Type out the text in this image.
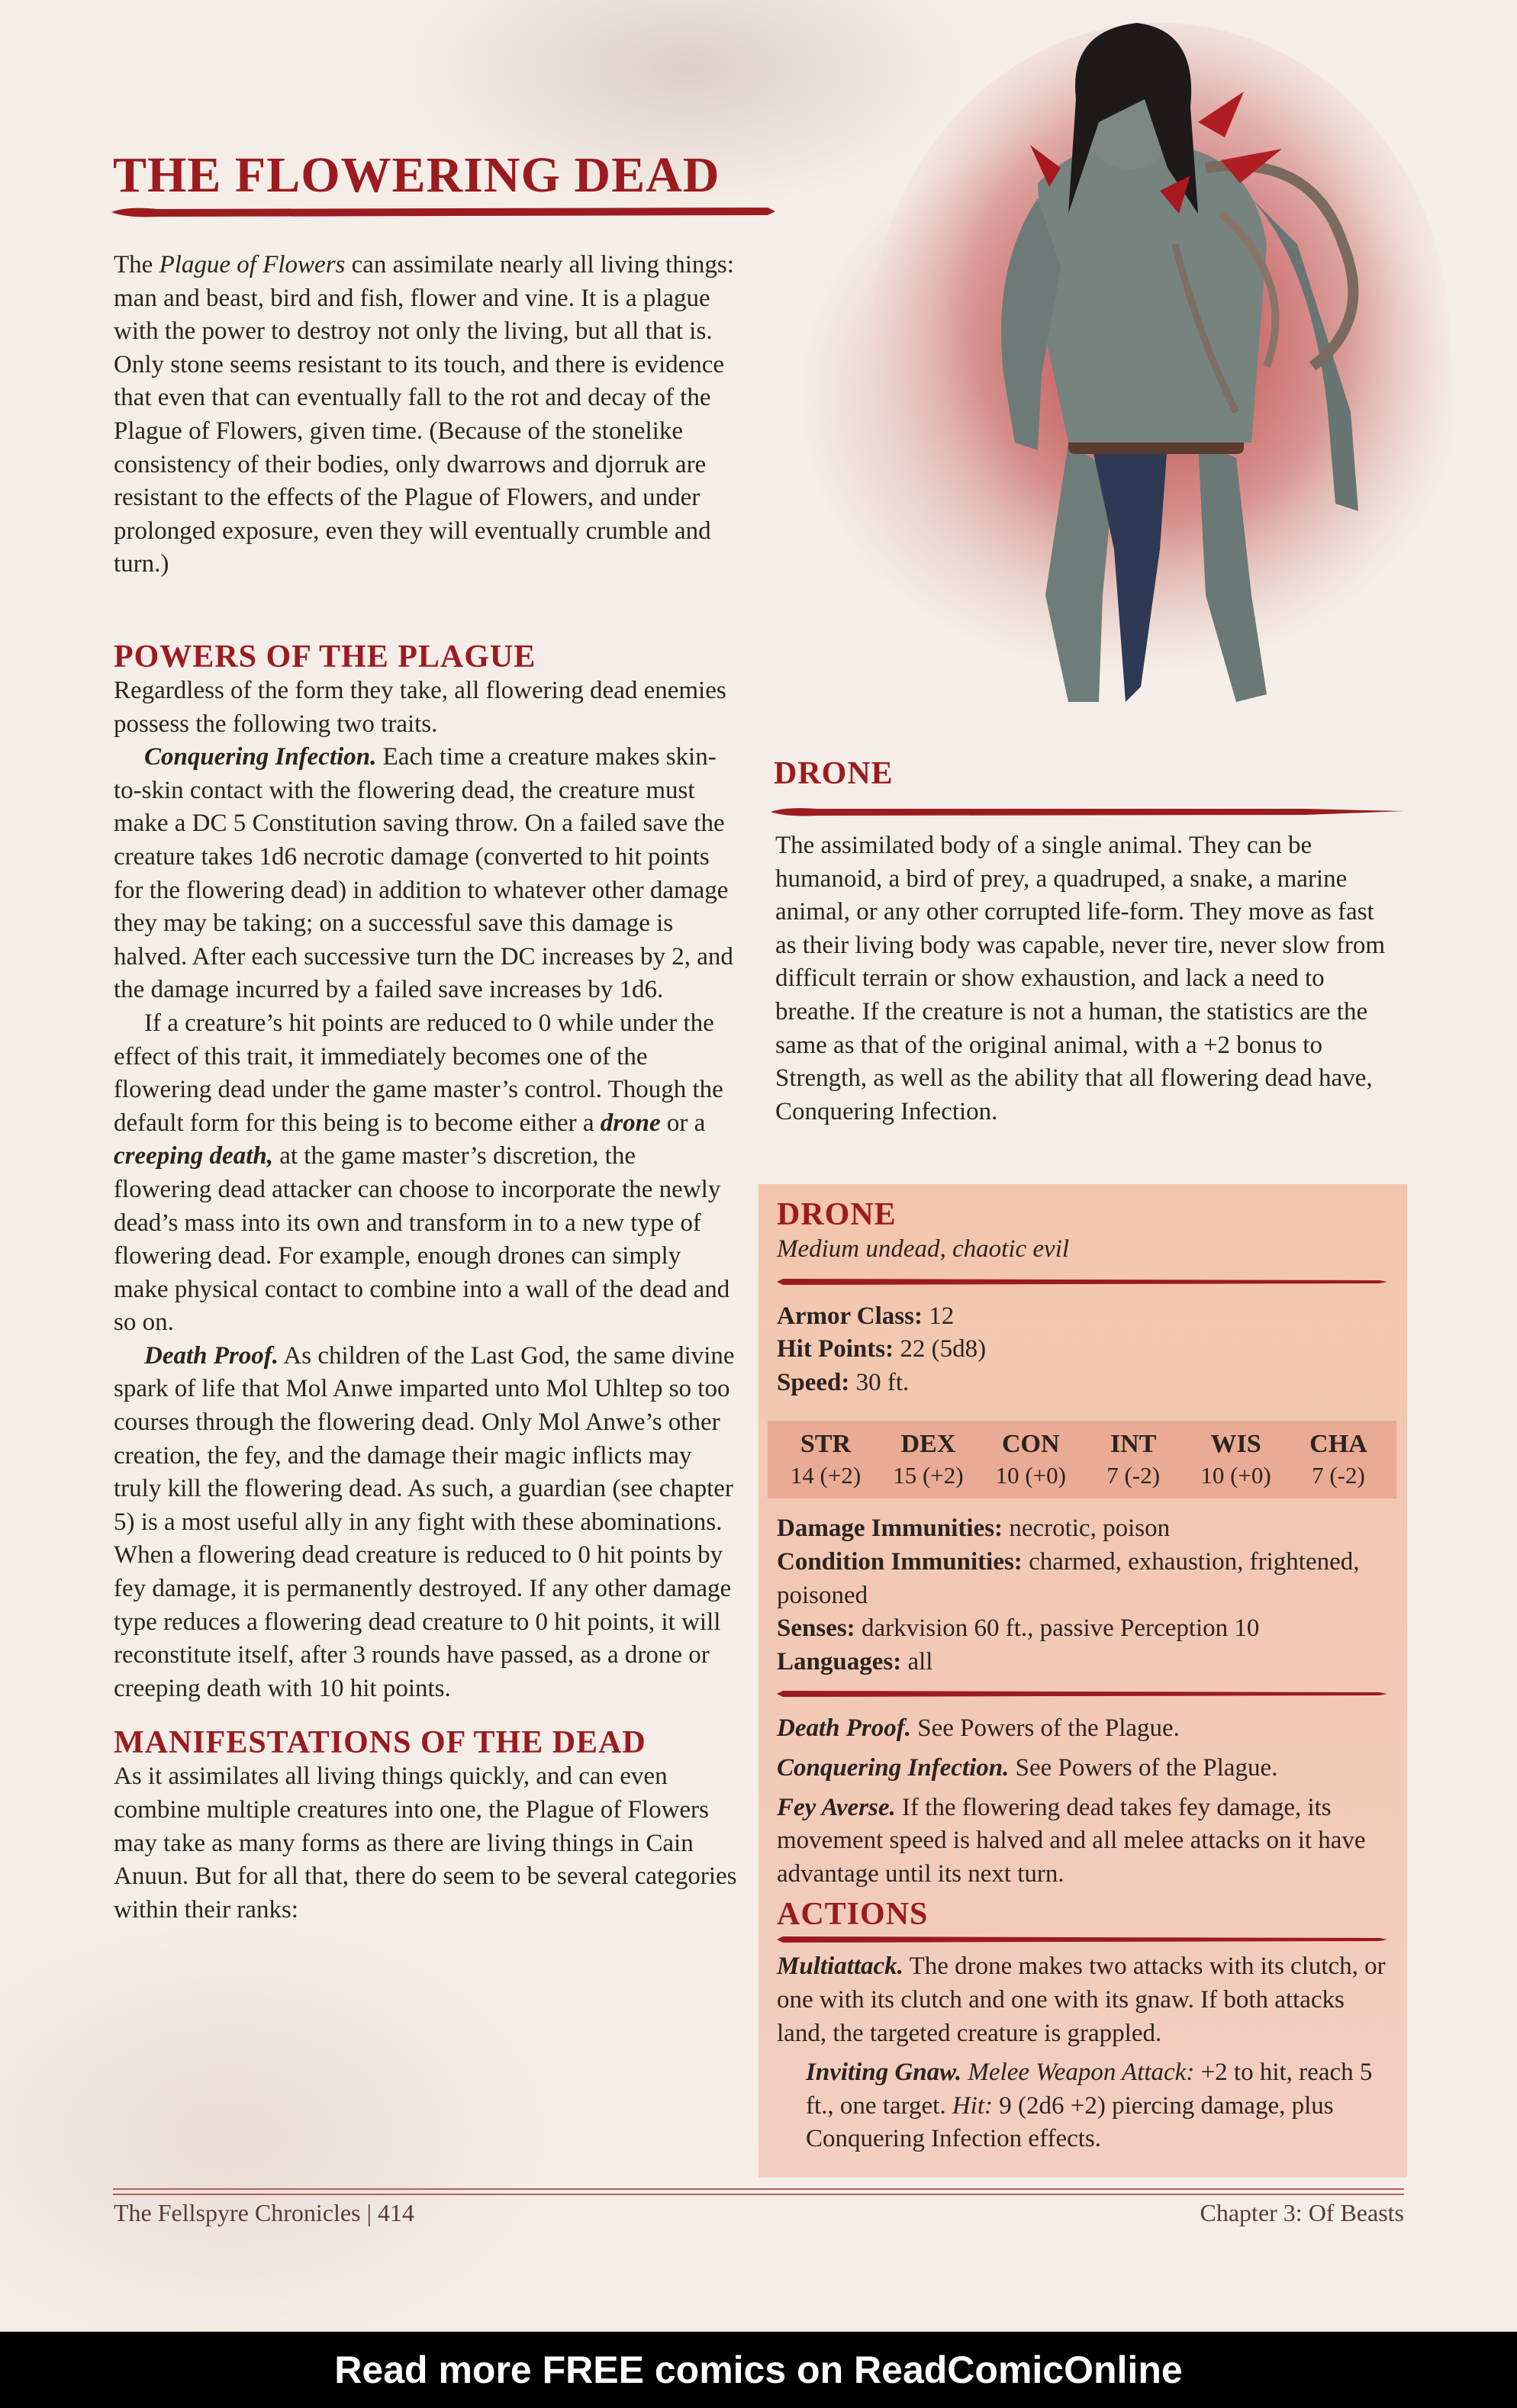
THE FLOWERING DEAD

The Plague of Flowers can assimilate nearly all living things: man and beast, bird and fish, flower and vine. It is a plague with the power to destroy not only the living, but all that is. Only stone seems resistant to its touch, and there is evidence that even that can eventually fall to the rot and decay of the Plague of Flowers, given time. (Because of the stonelike consistency of their bodies, only dwarrows and djorruk are resistant to the effects of the Plague of Flowers, and under prolonged exposure, even they will eventually crumble and turn.)

POWERS OF THE PLAGUE

Regardless of the form they take, all flowering dead enemies possess the following two traits.

Conquering Infection. Each time a creature makes skin-to-skin contact with the flowering dead, the creature must make a DC 5 Constitution saving throw. On a failed save the creature takes 1d6 necrotic damage (converted to hit points for the flowering dead) in addition to whatever other damage they may be taking; on a successful save this damage is halved. After each successive turn the DC increases by 2, and the damage incurred by a failed save increases by 1d6.

If a creature’s hit points are reduced to 0 while under the effect of this trait, it immediately becomes one of the flowering dead under the game master’s control. Though the default form for this being is to become either a drone or a creeping death, at the game master’s discretion, the flowering dead attacker can choose to incorporate the newly dead’s mass into its own and transform in to a new type of flowering dead. For example, enough drones can simply make physical contact to combine into a wall of the dead and so on.

Death Proof. As children of the Last God, the same divine spark of life that Mol Anwe imparted unto Mol Uhltep so too courses through the flowering dead. Only Mol Anwe’s other creation, the fey, and the damage their magic inflicts may truly kill the flowering dead. As such, a guardian (see chapter 5) is a most useful ally in any fight with these abominations. When a flowering dead creature is reduced to 0 hit points by fey damage, it is permanently destroyed. If any other damage type reduces a flowering dead creature to 0 hit points, it will reconstitute itself, after 3 rounds have passed, as a drone or creeping death with 10 hit points.

MANIFESTATIONS OF THE DEAD

As it assimilates all living things quickly, and can even combine multiple creatures into one, the Plague of Flowers may take as many forms as there are living things in Cain Anuun. But for all that, there do seem to be several categories within their ranks:

DRONE

The assimilated body of a single animal. They can be humanoid, a bird of prey, a quadruped, a snake, a marine animal, or any other corrupted life-form. They move as fast as their living body was capable, never tire, never slow from difficult terrain or show exhaustion, and lack a need to breathe. If the creature is not a human, the statistics are the same as that of the original animal, with a +2 bonus to Strength, as well as the ability that all flowering dead have, Conquering Infection.

DRONE
Medium undead, chaotic evil
Armor Class: 12
Hit Points: 22 (5d8)
Speed: 30 ft.
STR
14 (+2)
DEX
15 (+2)
CON
10 (+0)
INT
7 (-2)
WIS
10 (+0)
CHA
7 (-2)
Damage Immunities: necrotic, poison
Condition Immunities: charmed, exhaustion, frightened, poisoned
Senses: darkvision 60 ft., passive Perception 10
Languages: all
Death Proof. See Powers of the Plague.
Conquering Infection. See Powers of the Plague.
Fey Averse. If the flowering dead takes fey damage, its movement speed is halved and all melee attacks on it have advantage until its next turn.
ACTIONS
Multiattack. The drone makes two attacks with its clutch, or one with its clutch and one with its gnaw. If both attacks land, the targeted creature is grappled.
Inviting Gnaw. Melee Weapon Attack: +2 to hit, reach 5 ft., one target. Hit: 9 (2d6 +2) piercing damage, plus Conquering Infection effects.
The Fellspyre Chronicles | 414	Chapter 3: Of Beasts
Read more FREE comics on ReadComicOnline
